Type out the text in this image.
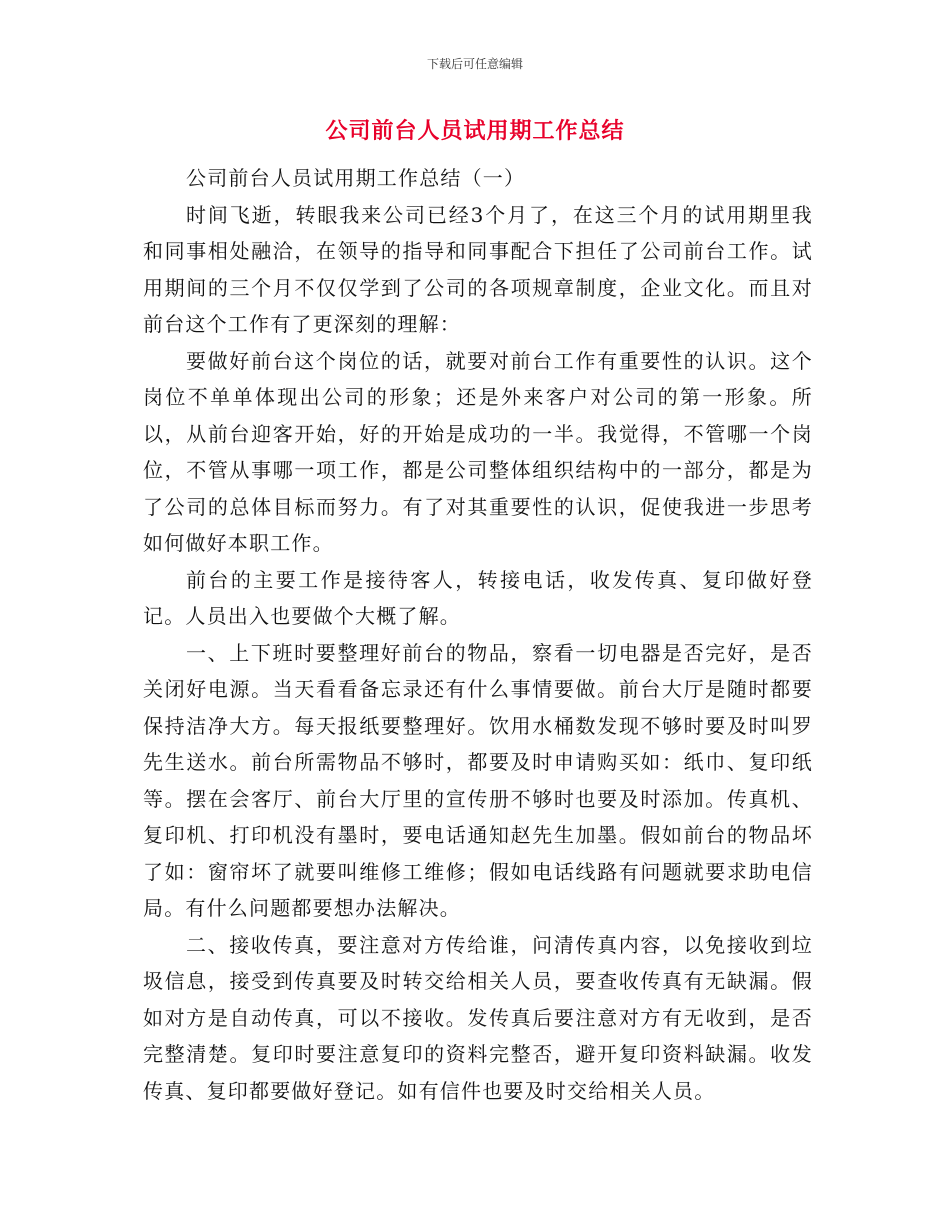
下载后可任意编辑
公司前台人员试用期工作总结

公司前台人员试用期工作总结（一）

时间飞逝，转眼我来公司已经3个月了，在这三个月的试用期里我和同事相处融洽，在领导的指导和同事配合下担任了公司前台工作。试用期间的三个月不仅仅学到了公司的各项规章制度，企业文化。而且对前台这个工作有了更深刻的理解：

要做好前台这个岗位的话，就要对前台工作有重要性的认识。这个岗位不单单体现出公司的形象；还是外来客户对公司的第一形象。所以，从前台迎客开始，好的开始是成功的一半。我觉得，不管哪一个岗位，不管从事哪一项工作，都是公司整体组织结构中的一部分，都是为了公司的总体目标而努力。有了对其重要性的认识，促使我进一步思考如何做好本职工作。

前台的主要工作是接待客人，转接电话，收发传真、复印做好登记。人员出入也要做个大概了解。

一、上下班时要整理好前台的物品，察看一切电器是否完好，是否关闭好电源。当天看看备忘录还有什么事情要做。前台大厅是随时都要保持洁净大方。每天报纸要整理好。饮用水桶数发现不够时要及时叫罗先生送水。前台所需物品不够时，都要及时申请购买如：纸巾、复印纸等。摆在会客厅、前台大厅里的宣传册不够时也要及时添加。传真机、复印机、打印机没有墨时，要电话通知赵先生加墨。假如前台的物品坏了如：窗帘坏了就要叫维修工维修；假如电话线路有问题就要求助电信局。有什么问题都要想办法解决。

二、接收传真，要注意对方传给谁，问清传真内容，以免接收到垃圾信息，接受到传真要及时转交给相关人员，要查收传真有无缺漏。假如对方是自动传真，可以不接收。发传真后要注意对方有无收到，是否完整清楚。复印时要注意复印的资料完整否，避开复印资料缺漏。收发传真、复印都要做好登记。如有信件也要及时交给相关人员。
